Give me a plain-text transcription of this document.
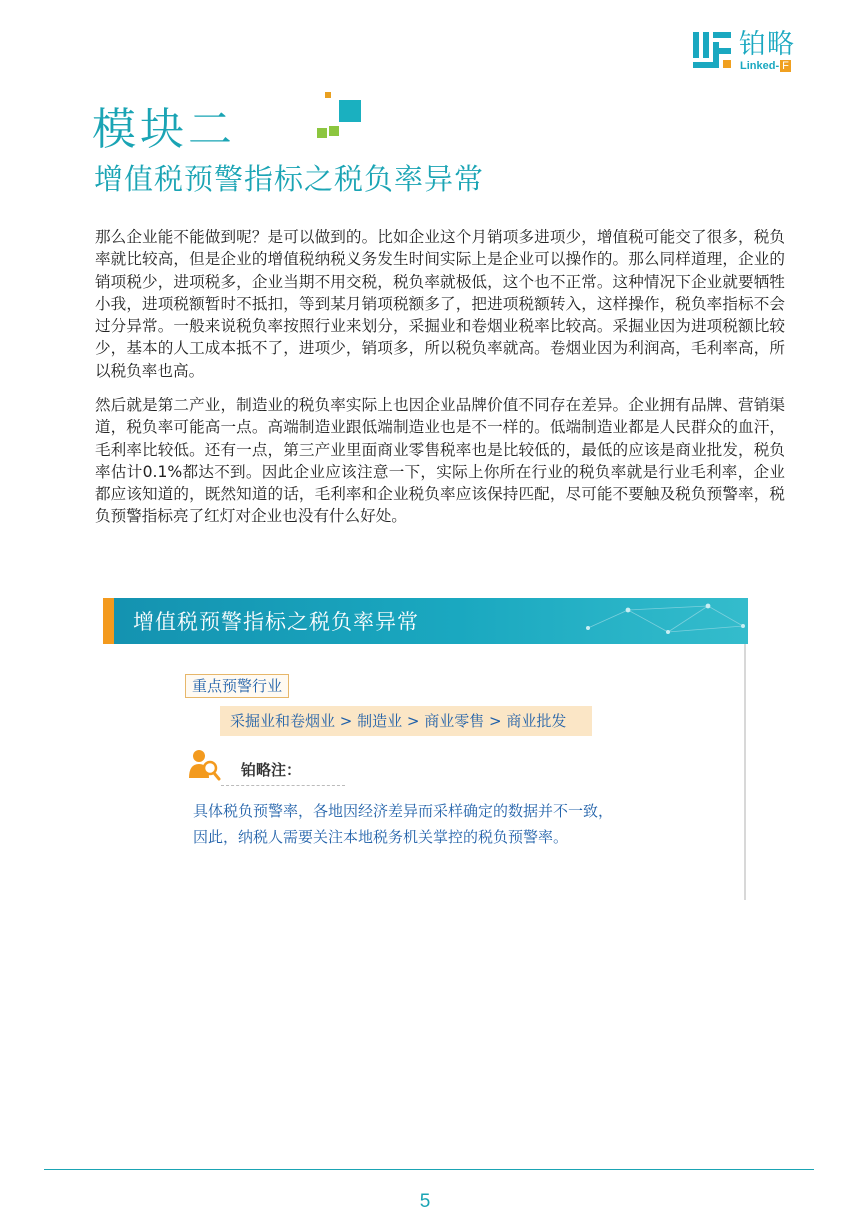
铂略
Linked- F
模块二
增值税预警指标之税负率异常
那么企业能不能做到呢？是可以做到的。比如企业这个月销项多进项少，增值税可能交了很多，税负率就比较高，但是企业的增值税纳税义务发生时间实际上是企业可以操作的。那么同样道理，企业的销项税少，进项税多，企业当期不用交税，税负率就极低，这个也不正常。这种情况下企业就要牺牲小我，进项税额暂时不抵扣，等到某月销项税额多了，把进项税额转入，这样操作，税负率指标不会过分异常。一般来说税负率按照行业来划分，采掘业和卷烟业税率比较高。采掘业因为进项税额比较少，基本的人工成本抵不了，进项少，销项多，所以税负率就高。卷烟业因为利润高，毛利率高，所以税负率也高。
然后就是第二产业，制造业的税负率实际上也因企业品牌价值不同存在差异。企业拥有品牌、营销渠道，税负率可能高一点。高端制造业跟低端制造业也是不一样的。低端制造业都是人民群众的血汗，毛利率比较低。还有一点，第三产业里面商业零售税率也是比较低的，最低的应该是商业批发，税负率估计0.1%都达不到。因此企业应该注意一下，实际上你所在行业的税负率就是行业毛利率，企业都应该知道的，既然知道的话，毛利率和企业税负率应该保持匹配，尽可能不要触及税负预警率，税负预警指标亮了红灯对企业也没有什么好处。
增值税预警指标之税负率异常
重点预警行业
采掘业和卷烟业 > 制造业 > 商业零售 > 商业批发
铂略注：
具体税负预警率，各地因经济差异而采样确定的数据并不一致，
因此，纳税人需要关注本地税务机关掌控的税负预警率。
5
